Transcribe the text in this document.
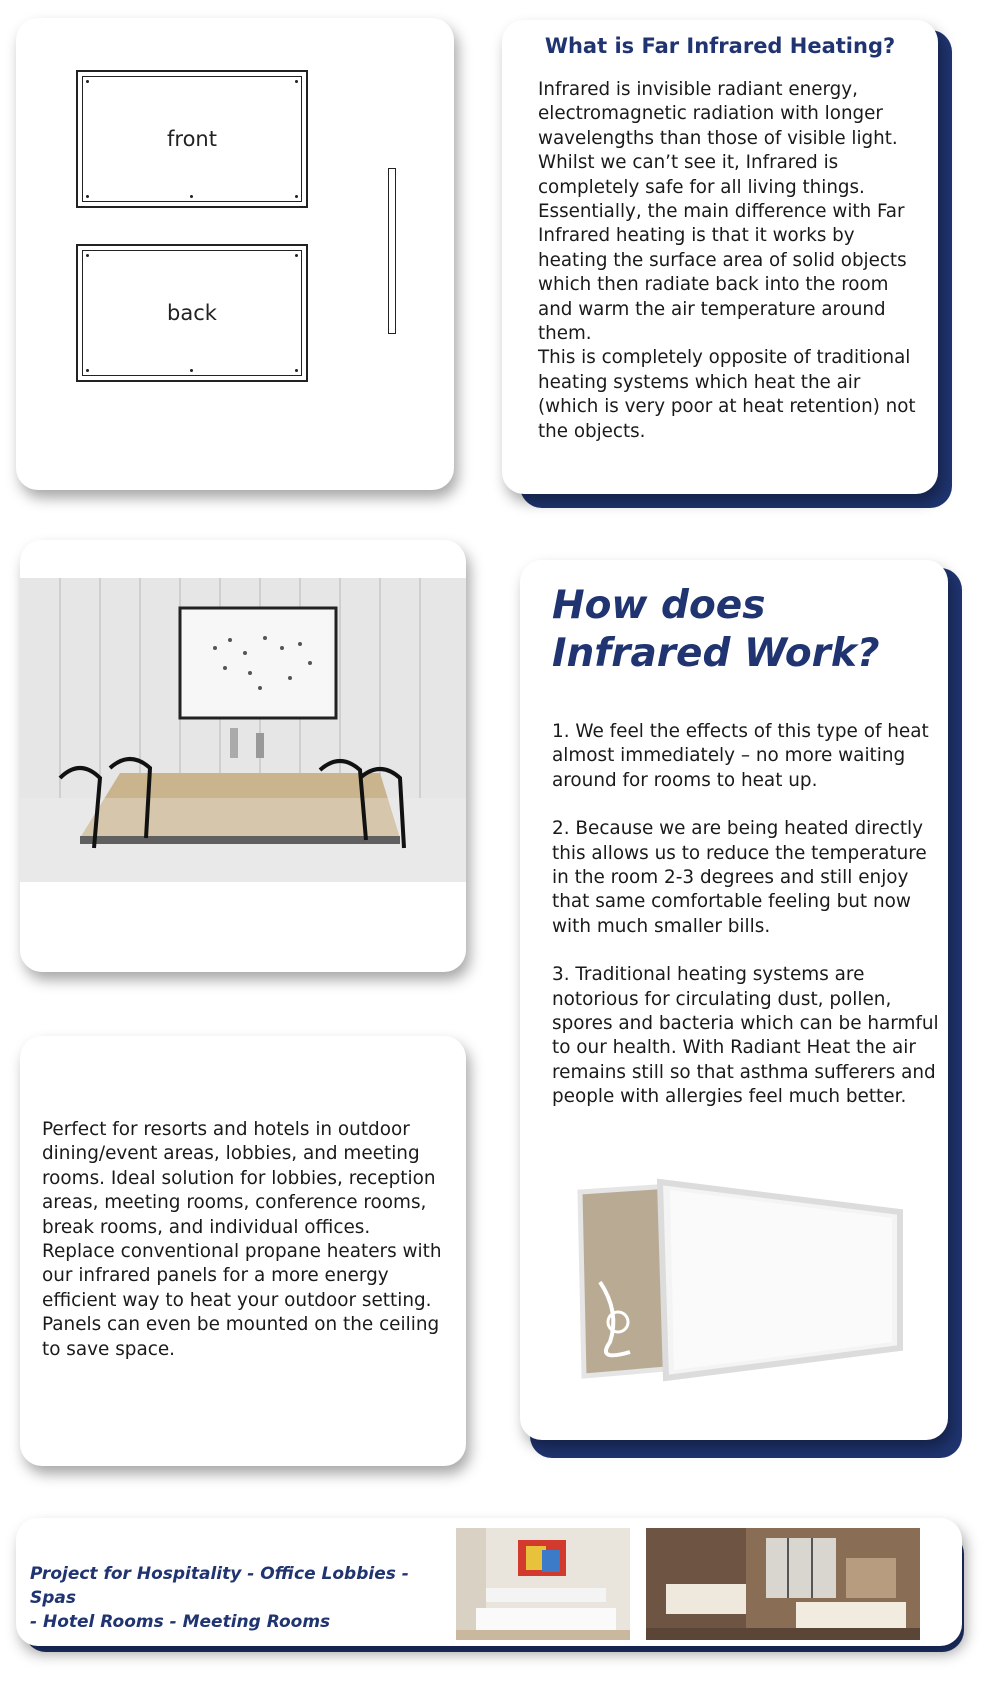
front
back
What is Far Infrared Heating?

Infrared is invisible radiant energy, electromagnetic radiation with longer wavelengths than those of visible light.

Whilst we can’t see it, Infrared is completely safe for all living things. Essentially, the main difference with Far Infrared heating is that it works by heating the surface area of solid objects which then radiate back into the room and warm the air temperature around them.

This is completely opposite of traditional heating systems which heat the air (which is very poor at heat retention) not the objects.

How does Infrared Work?

1. We feel the effects of this type of heat almost immediately – no more waiting around for rooms to heat up.

2. Because we are being heated directly this allows us to reduce the temperature in the room 2-3 degrees and still enjoy that same comfortable feeling but now with much smaller bills.

3. Traditional heating systems are notorious for circulating dust, pollen, spores and bacteria which can be harmful to our health. With Radiant Heat the air remains still so that asthma sufferers and people with allergies feel much better.

Perfect for resorts and hotels in outdoor dining/event areas, lobbies, and meeting rooms. Ideal solution for lobbies, reception areas, meeting rooms, conference rooms, break rooms, and individual offices. Replace conventional propane heaters with our infrared panels for a more energy efficient way to heat your outdoor setting. Panels can even be mounted on the ceiling to save space.
Project for Hospitality - Office Lobbies - Spas
- Hotel Rooms - Meeting Rooms
